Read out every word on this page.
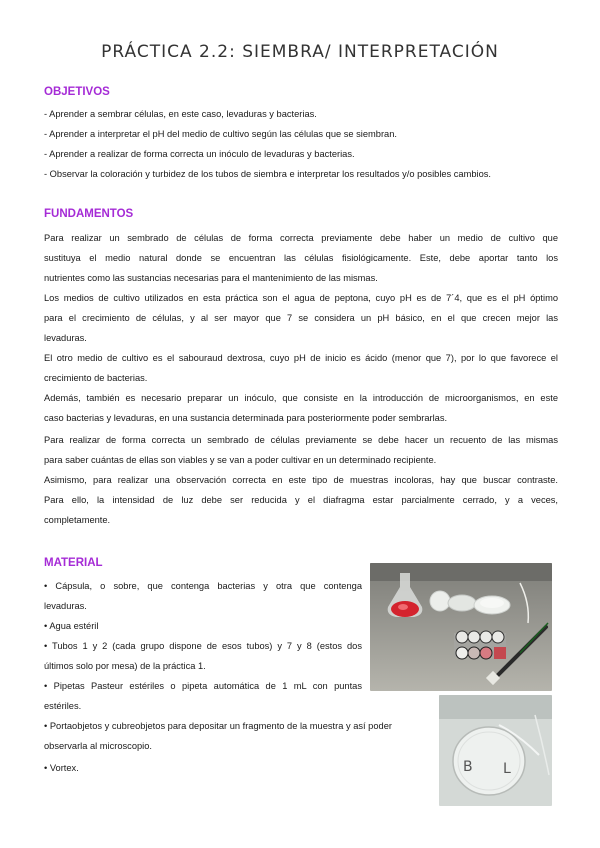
PRÁCTICA 2.2: SIEMBRA/ INTERPRETACIÓN
OBJETIVOS

- Aprender a sembrar células, en este caso, levaduras y bacterias.

- Aprender a interpretar el pH del medio de cultivo según las células que se siembran.

- Aprender a realizar de forma correcta un inóculo de levaduras y bacterias.

- Observar la coloración y turbidez de los tubos de siembra e interpretar los resultados y/o posibles cambios.

FUNDAMENTOS

Para realizar un sembrado de células de forma correcta previamente debe haber un medio de cultivo que

sustituya el medio natural donde se encuentran las células fisiológicamente. Este, debe aportar tanto los

nutrientes como las sustancias necesarias para el mantenimiento de las mismas.

Los medios de cultivo utilizados en esta práctica son el agua de peptona, cuyo pH es de 7´4, que es el pH óptimo

para el crecimiento de células, y al ser mayor que 7 se considera un pH básico, en el que crecen mejor las

levaduras.

El otro medio de cultivo es el sabouraud dextrosa, cuyo pH de inicio es ácido (menor que 7), por lo que favorece el

crecimiento de bacterias.

Además, también es necesario preparar un inóculo, que consiste en la introducción de microorganismos, en este

caso bacterias y levaduras, en una sustancia determinada para posteriormente poder sembrarlas.

Para realizar de forma correcta un sembrado de células previamente se debe hacer un recuento de las mismas

para saber cuántas de ellas son viables y se van a poder cultivar en un determinado recipiente.

Asimismo, para realizar una observación correcta en este tipo de muestras incoloras, hay que buscar contraste.

Para ello, la intensidad de luz debe ser reducida y el diafragma estar parcialmente cerrado, y a veces,

completamente.

MATERIAL

• Cápsula, o sobre, que contenga bacterias y otra que contenga

levaduras.

• Agua estéril

• Tubos 1 y 2 (cada grupo dispone de esos tubos) y 7 y 8 (estos dos

últimos solo por mesa) de la práctica 1.

• Pipetas Pasteur estériles o pipeta automática de 1 mL con puntas

estériles.

• Portaobjetos y cubreobjetos para depositar un fragmento de la muestra y así poder

observarla al microscopio.

• Vortex.	B L
